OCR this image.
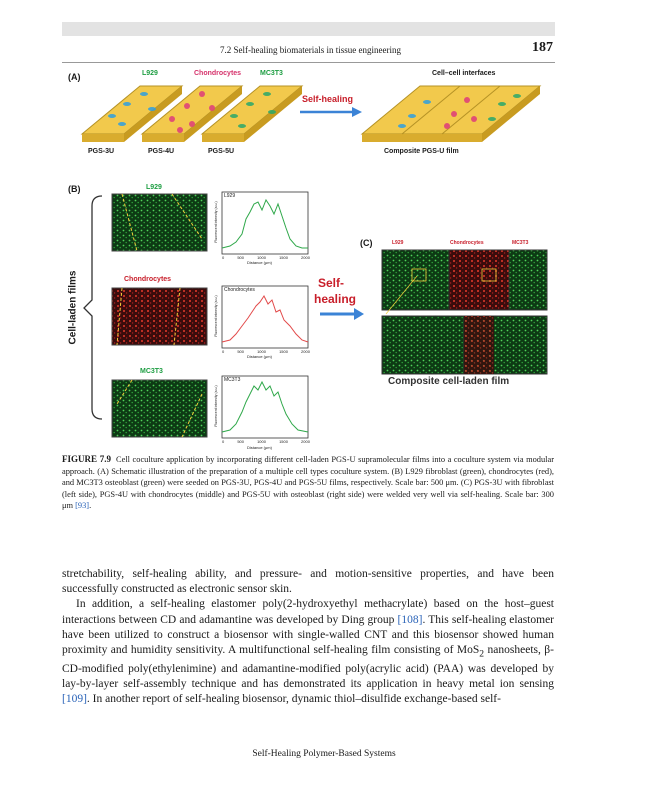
7.2 Self-healing biomaterials in tissue engineering	187
(A)	L929	Chondrocytes	MC3T3	Cell–cell interfaces
Self-healing
PGS-3U	PGS-4U	PGS-5U	Composite PGS-U film
(B)
Cell-laden films
L929
Chondrocytes
MC3T3
L929
Chondrocytes
MC3T3
Fluorescent intensity (a.u.)
Fluorescent intensity (a.u.)
Fluorescent intensity (a.u.)
0	500	1000	1500	2000
0	500	1000	1500	2000
0	500	1000	1500	2000
Distance (μm)
Distance (μm)
Distance (μm)
Self-
healing
(C)	L929	Chondrocytes	MC3T3
Composite cell-laden film
FIGURE 7.9 Cell coculture application by incorporating different cell-laden PGS-U supramolecular films into a coculture system via modular approach. (A) Schematic illustration of the preparation of a multiple cell types coculture system. (B) L929 fibroblast (green), chondrocytes (red), and MC3T3 osteoblast (green) were seeded on PGS-3U, PGS-4U and PGS-5U films, respectively. Scale bar: 500 μm. (C) PGS-3U with fibroblast (left side), PGS-4U with chondrocytes (middle) and PGS-5U with osteoblast (right side) were welded very well via self-healing. Scale bar: 300 μm [93].

stretchability, self-healing ability, and pressure- and motion-sensitive properties, and have been successfully constructed as electronic sensor skin.

In addition, a self-healing elastomer poly(2-hydroxyethyl methacrylate) based on the host–guest interactions between CD and adamantine was developed by Ding group [108]. This self-healing elastomer have been utilized to construct a biosensor with single-walled CNT and this biosensor showed human proximity and humidity sensitivity. A multifunctional self-healing film consisting of MoS$_2$ nanosheets, β-CD-modified poly(ethylenimine) and adamantine-modified poly(acrylic acid) (PAA) was developed by lay-by-layer self-assembly technique and has demonstrated its application in heavy metal ion sensing [109]. In another report of self-healing biosensor, dynamic thiol–disulfide exchange-based self-

Self-Healing Polymer-Based Systems
